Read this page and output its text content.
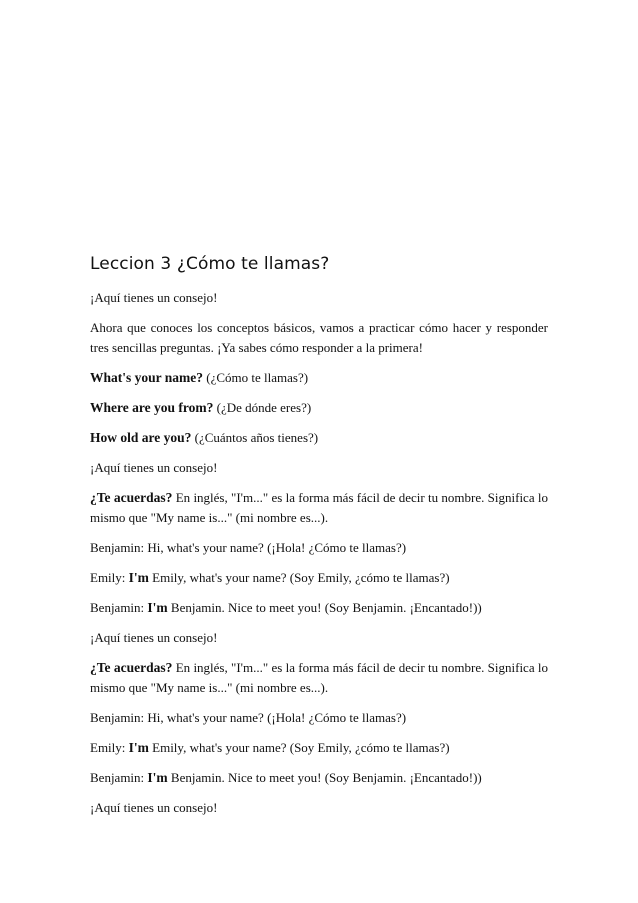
Leccion 3 ¿Cómo te llamas?

¡Aquí tienes un consejo!

Ahora que conoces los conceptos básicos, vamos a practicar cómo hacer y responder tres sencillas preguntas. ¡Ya sabes cómo responder a la primera!

What's your name? (¿Cómo te llamas?)

Where are you from? (¿De dónde eres?)

How old are you? (¿Cuántos años tienes?)

¡Aquí tienes un consejo!

¿Te acuerdas? En inglés, "I'm..." es la forma más fácil de decir tu nombre. Significa lo mismo que "My name is..." (mi nombre es...).

Benjamin: Hi, what's your name? (¡Hola! ¿Cómo te llamas?)

Emily: I'm Emily, what's your name? (Soy Emily, ¿cómo te llamas?)

Benjamin: I'm Benjamin. Nice to meet you! (Soy Benjamin. ¡Encantado!))

¡Aquí tienes un consejo!

¿Te acuerdas? En inglés, "I'm..." es la forma más fácil de decir tu nombre. Significa lo mismo que "My name is..." (mi nombre es...).

Benjamin: Hi, what's your name? (¡Hola! ¿Cómo te llamas?)

Emily: I'm Emily, what's your name? (Soy Emily, ¿cómo te llamas?)

Benjamin: I'm Benjamin. Nice to meet you! (Soy Benjamin. ¡Encantado!))

¡Aquí tienes un consejo!
